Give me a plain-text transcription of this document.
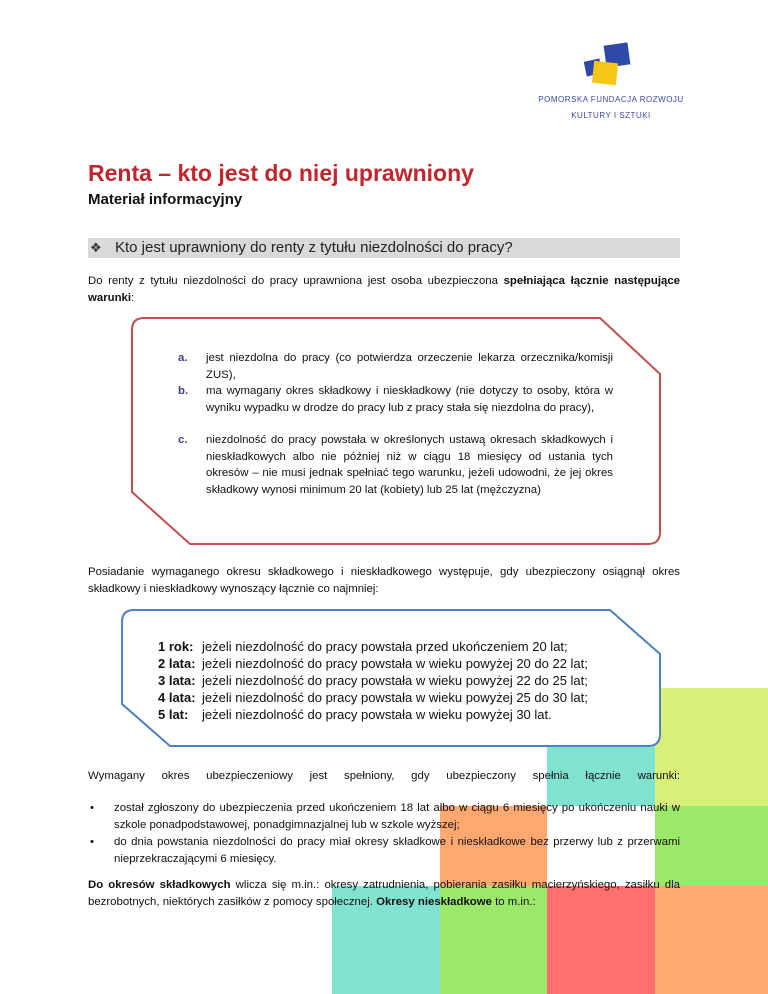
POMORSKA FUNDACJA ROZWOJU
KULTURY I SZTUKI
Renta – kto jest do niej uprawniony
Materiał informacyjny
❖ Kto jest uprawniony do renty z tytułu niezdolności do pracy?
Do renty z tytułu niezdolności do pracy uprawniona jest osoba ubezpieczona spełniająca łącznie następujące warunki:
a. jest niezdolna do pracy (co potwierdza orzeczenie lekarza orzecznika/komisji ZUS),
b. ma wymagany okres składkowy i nieskładkowy (nie dotyczy to osoby, która w wyniku wypadku w drodze do pracy lub z pracy stała się niezdolna do pracy),
c. niezdolność do pracy powstała w określonych ustawą okresach składkowych i nieskładkowych albo nie później niż w ciągu 18 miesięcy od ustania tych okresów – nie musi jednak spełniać tego warunku, jeżeli udowodni, że jej okres składkowy wynosi minimum 20 lat (kobiety) lub 25 lat (mężczyzna)
Posiadanie wymaganego okresu składkowego i nieskładkowego występuje, gdy ubezpieczony osiągnął okres składkowy i nieskładkowy wynoszący łącznie co najmniej:
1 rok: jeżeli niezdolność do pracy powstała przed ukończeniem 20 lat;
2 lata: jeżeli niezdolność do pracy powstała w wieku powyżej 20 do 22 lat;
3 lata: jeżeli niezdolność do pracy powstała w wieku powyżej 22 do 25 lat;
4 lata: jeżeli niezdolność do pracy powstała w wieku powyżej 25 do 30 lat;
5 lat: jeżeli niezdolność do pracy powstała w wieku powyżej 30 lat.
Wymagany okres ubezpieczeniowy jest spełniony, gdy ubezpieczony spełnia łącznie warunki:
• został zgłoszony do ubezpieczenia przed ukończeniem 18 lat albo w ciągu 6 miesięcy po ukończeniu nauki w szkole ponadpodstawowej, ponadgimnazjalnej lub w szkole wyższej;
• do dnia powstania niezdolności do pracy miał okresy składkowe i nieskładkowe bez przerwy lub z przerwami nieprzekraczającymi 6 miesięcy.
Do okresów składkowych wlicza się m.in.: okresy zatrudnienia, pobierania zasiłku macierzyńskiego, zasiłku dla bezrobotnych, niektórych zasiłków z pomocy społecznej. Okresy nieskładkowe to m.in.:
